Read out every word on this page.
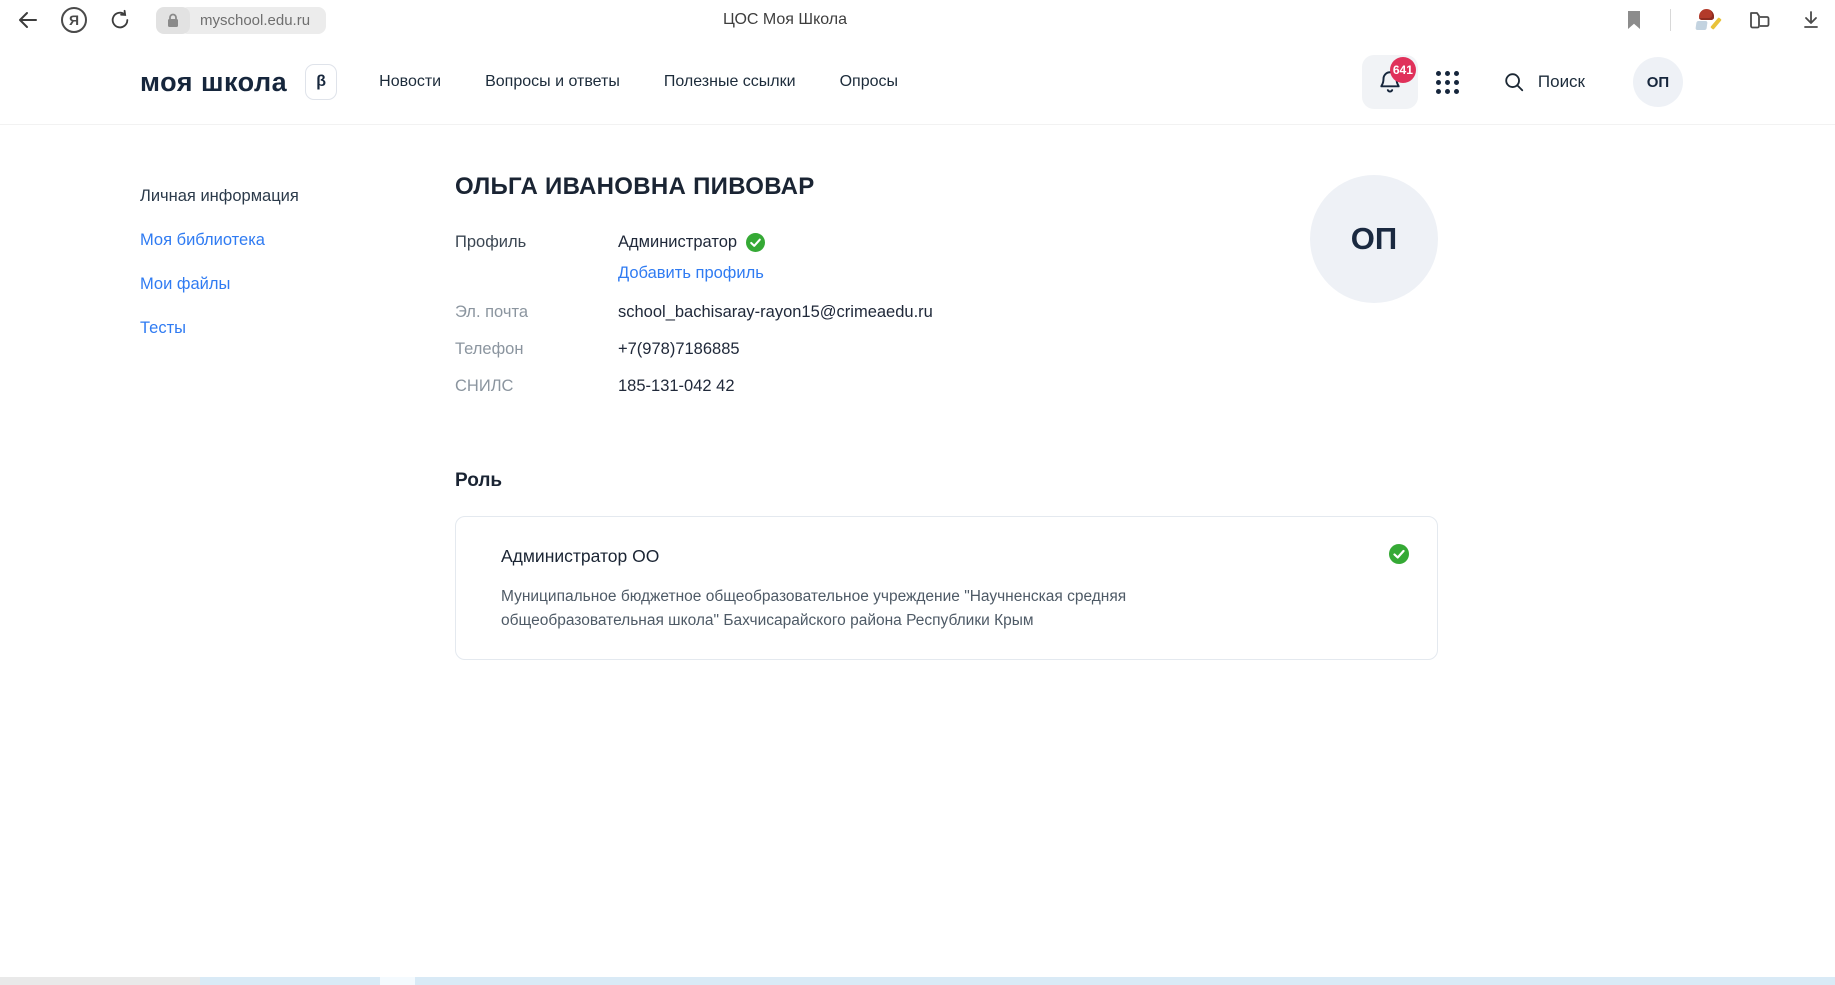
Я	myschool.edu.ru	ЦОС Моя Школа
моя школа	β	Новости	Вопросы и ответы	Полезные ссылки	Опросы
641
Поиск	ОП
Личная информация
Моя библиотека
Мои файлы
Тесты
ОЛЬГА ИВАНОВНА ПИВОВАР
Профиль	Администратор
Добавить профиль
Эл. почта	school_bachisaray-rayon15@crimeaedu.ru
Телефон	+7(978)7186885
СНИЛС	185-131-042 42
ОП
Роль
Администратор ОО
Муниципальное бюджетное общеобразовательное учреждение "Научненская средняя общеобразовательная школа" Бахчисарайского района Республики Крым
